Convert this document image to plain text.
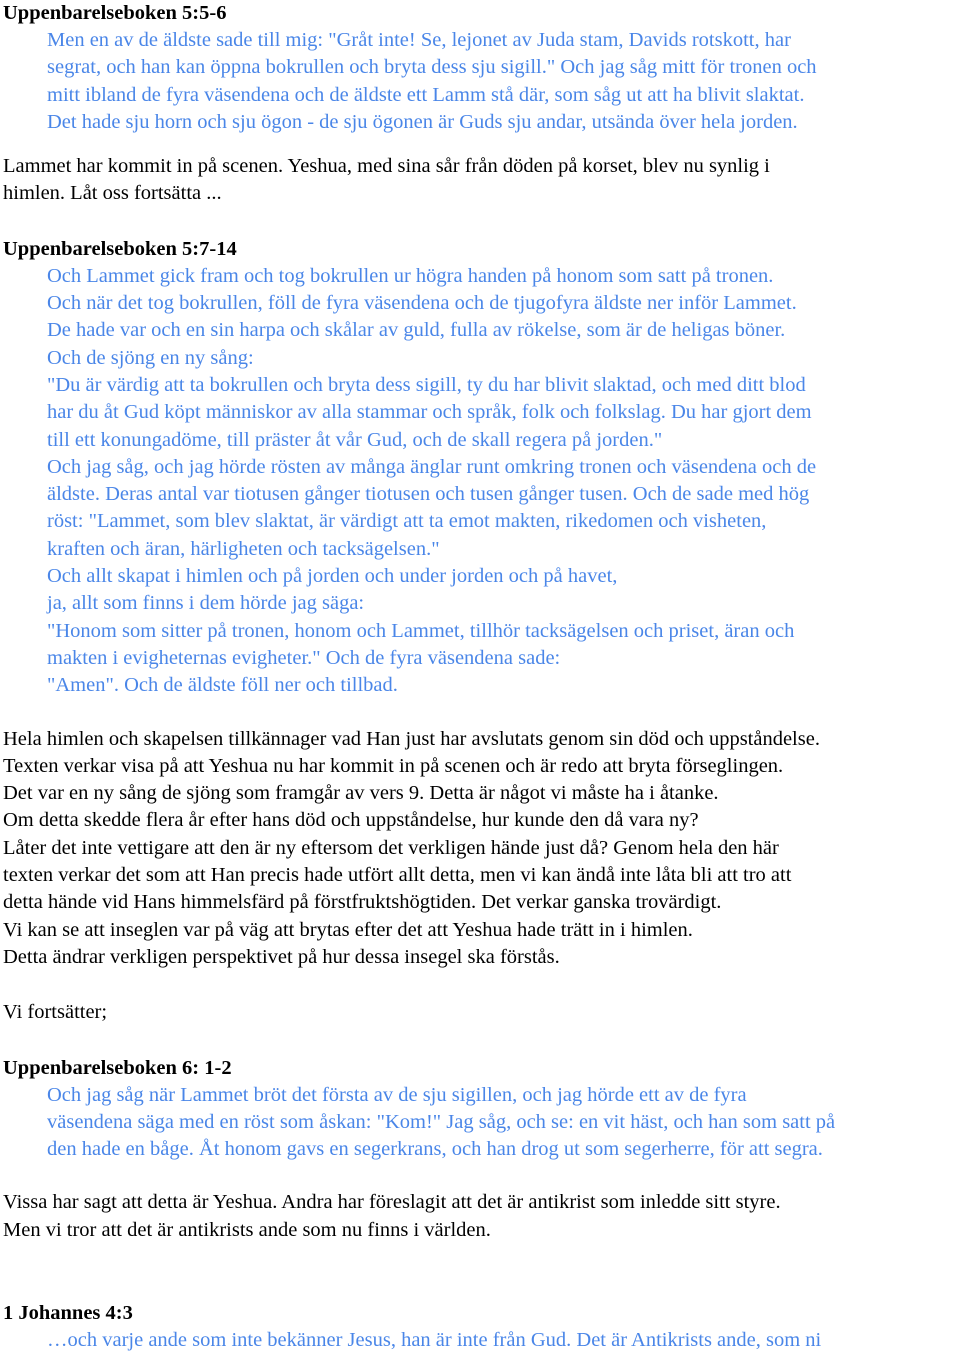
Uppenbarelseboken 5:5-6
Men en av de äldste sade till mig: "Gråt inte! Se, lejonet av Juda stam, Davids rotskott, har
segrat, och han kan öppna bokrullen och bryta dess sju sigill." Och jag såg mitt för tronen och
mitt ibland de fyra väsendena och de äldste ett Lamm stå där, som såg ut att ha blivit slaktat.
Det hade sju horn och sju ögon - de sju ögonen är Guds sju andar, utsända över hela jorden.
Lammet har kommit in på scenen. Yeshua, med sina sår från döden på korset, blev nu synlig i
himlen. Låt oss fortsätta ...
Uppenbarelseboken 5:7-14
Och Lammet gick fram och tog bokrullen ur högra handen på honom som satt på tronen.
Och när det tog bokrullen, föll de fyra väsendena och de tjugofyra äldste ner inför Lammet.
De hade var och en sin harpa och skålar av guld, fulla av rökelse, som är de heligas böner.
Och de sjöng en ny sång:
"Du är värdig att ta bokrullen och bryta dess sigill, ty du har blivit slaktad, och med ditt blod
har du åt Gud köpt människor av alla stammar och språk, folk och folkslag. Du har gjort dem
till ett konungadöme, till präster åt vår Gud, och de skall regera på jorden."
Och jag såg, och jag hörde rösten av många änglar runt omkring tronen och väsendena och de
äldste. Deras antal var tiotusen gånger tiotusen och tusen gånger tusen. Och de sade med hög
röst: "Lammet, som blev slaktat, är värdigt att ta emot makten, rikedomen och visheten,
kraften och äran, härligheten och tacksägelsen."
Och allt skapat i himlen och på jorden och under jorden och på havet,
ja, allt som finns i dem hörde jag säga:
"Honom som sitter på tronen, honom och Lammet, tillhör tacksägelsen och priset, äran och
makten i evigheternas evigheter." Och de fyra väsendena sade:
"Amen". Och de äldste föll ner och tillbad.
Hela himlen och skapelsen tillkännager vad Han just har avslutats genom sin död och uppståndelse.
Texten verkar visa på att Yeshua nu har kommit in på scenen och är redo att bryta förseglingen.
Det var en ny sång de sjöng som framgår av vers 9. Detta är något vi måste ha i åtanke.
Om detta skedde flera år efter hans död och uppståndelse, hur kunde den då vara ny?
Låter det inte vettigare att den är ny eftersom det verkligen hände just då? Genom hela den här
texten verkar det som att Han precis hade utfört allt detta, men vi kan ändå inte låta bli att tro att
detta hände vid Hans himmelsfärd på förstfruktshögtiden. Det verkar ganska trovärdigt.
Vi kan se att inseglen var på väg att brytas efter det att Yeshua hade trätt in i himlen.
Detta ändrar verkligen perspektivet på hur dessa insegel ska förstås.
Vi fortsätter;
Uppenbarelseboken 6: 1-2
Och jag såg när Lammet bröt det första av de sju sigillen, och jag hörde ett av de fyra
väsendena säga med en röst som åskan: "Kom!" Jag såg, och se: en vit häst, och han som satt på
den hade en båge. Åt honom gavs en segerkrans, och han drog ut som segerherre, för att segra.
Vissa har sagt att detta är Yeshua. Andra har föreslagit att det är antikrist som inledde sitt styre.
Men vi tror att det är antikrists ande som nu finns i världen.
1 Johannes 4:3
…och varje ande som inte bekänner Jesus, han är inte från Gud. Det är Antikrists ande, som ni
